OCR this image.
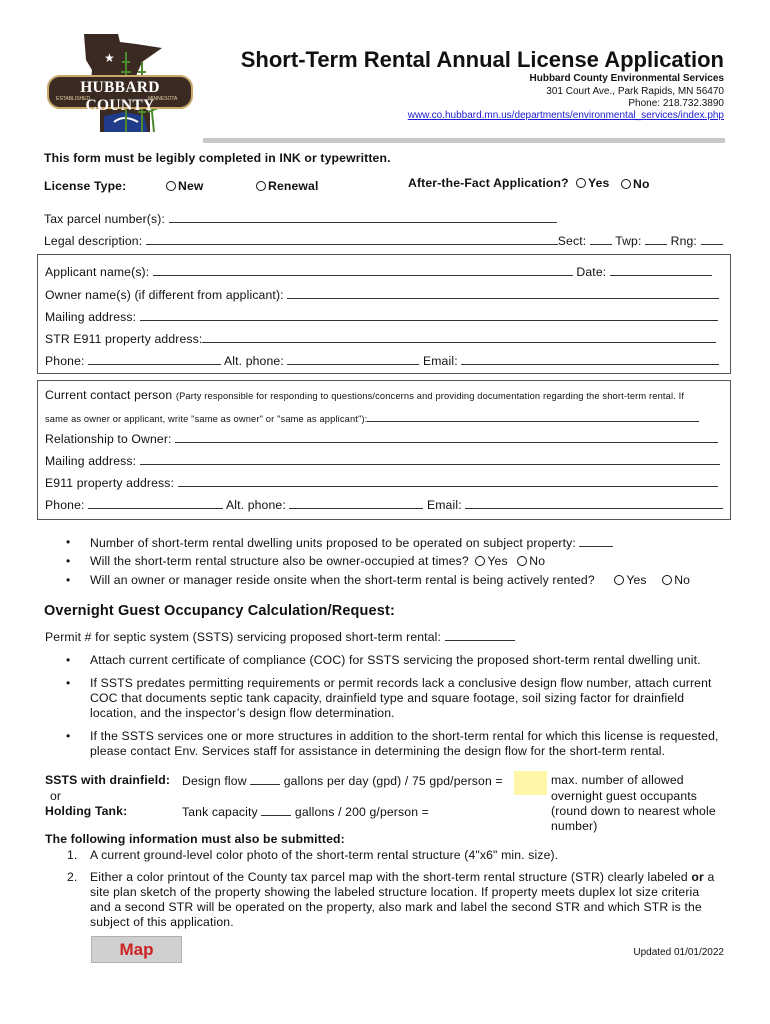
★
HUBBARD COUNTY
ESTABLISHED	MINNESOTA
Short-Term Rental Annual License Application
Hubbard County Environmental Services
301 Court Ave., Park Rapids, MN 56470
Phone: 218.732.3890
www.co.hubbard.mn.us/departments/environmental_services/index.php
This form must be legibly completed in INK or typewritten.
License Type:	New	Renewal	After-the-Fact Application?	Yes	No
Tax parcel number(s):
Legal description:	Sect: Twp: Rng:
Applicant name(s):	Date:
Owner name(s) (if different from applicant):
Mailing address:
STR E911 property address:
Phone:	Alt. phone:	Email:
Current contact person (Party responsible for responding to questions/concerns and providing documentation regarding the short-term rental. If
same as owner or applicant, write "same as owner" or "same as applicant"):
Relationship to Owner:
Mailing address:
E911 property address:
Phone:	Alt. phone:	Email:
• Number of short-term rental dwelling units proposed to be operated on subject property:
• Will the short-term rental structure also be owner-occupied at times? Yes No
• Will an owner or manager reside onsite when the short-term rental is being actively rented?	Yes No
Overnight Guest Occupancy Calculation/Request:
Permit # for septic system (SSTS) servicing proposed short-term rental:
• Attach current certificate of compliance (COC) for SSTS servicing the proposed short-term rental dwelling unit.
• If SSTS predates permitting requirements or permit records lack a conclusive design flow number, attach current
COC that documents septic tank capacity, drainfield type and square footage, soil sizing factor for drainfield
location, and the inspector’s design flow determination.
• If the SSTS services one or more structures in addition to the short-term rental for which this license is requested,
please contact Env. Services staff for assistance in determining the design flow for the short-term rental.
SSTS with drainfield: Design flow	gallons per day (gpd) / 75 gpd/person =
or
Holding Tank:	Tank capacity	gallons / 200 g/person =
max. number of allowed
overnight guest occupants
(round down to nearest whole
number)
The following information must also be submitted:
1. A current ground-level color photo of the short-term rental structure (4"x6" min. size).
2. Either a color printout of the County tax parcel map with the short-term rental structure (STR) clearly labeled or a
site plan sketch of the property showing the labeled structure location. If property meets duplex lot size criteria
and a second STR will be operated on the property, also mark and label the second STR and which STR is the
subject of this application.
Map	Updated 01/01/2022
